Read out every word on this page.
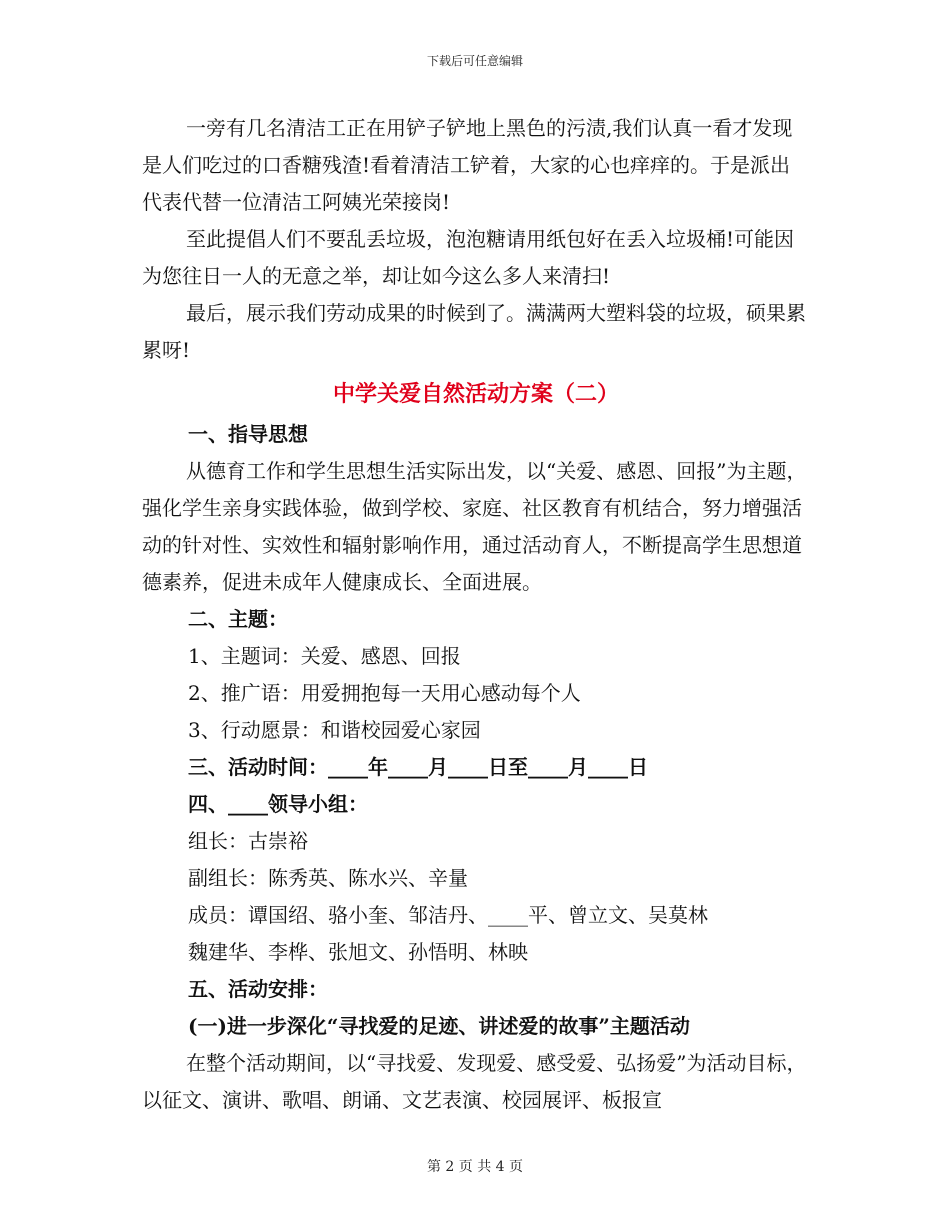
下载后可任意编辑

一旁有几名清洁工正在用铲子铲地上黑色的污渍,我们认真一看才发现是人们吃过的口香糖残渣!看着清洁工铲着，大家的心也痒痒的。于是派出代表代替一位清洁工阿姨光荣接岗!

至此提倡人们不要乱丢垃圾，泡泡糖请用纸包好在丢入垃圾桶!可能因为您往日一人的无意之举，却让如今这么多人来清扫!

最后，展示我们劳动成果的时候到了。满满两大塑料袋的垃圾，硕果累累呀!

中学关爱自然活动方案（二）

一、指导思想

从德育工作和学生思想生活实际出发，以“关爱、感恩、回报”为主题，强化学生亲身实践体验，做到学校、家庭、社区教育有机结合，努力增强活动的针对性、实效性和辐射影响作用，通过活动育人，不断提高学生思想道德素养，促进未成年人健康成长、全面进展。

二、主题：

1、主题词：关爱、感恩、回报

2、推广语：用爱拥抱每一天用心感动每个人

3、行动愿景：和谐校园爱心家园

三、活动时间：____年____月____日至____月____日

四、____领导小组：

组长：古崇裕

副组长：陈秀英、陈水兴、辛量

成员：谭国绍、骆小奎、邹洁丹、____平、曾立文、吴莫林

魏建华、李桦、张旭文、孙悟明、林映

五、活动安排：

(一)进一步深化“寻找爱的足迹、讲述爱的故事”主题活动

在整个活动期间，以“寻找爱、发现爱、感受爱、弘扬爱”为活动目标，以征文、演讲、歌唱、朗诵、文艺表演、校园展评、板报宣

第 2 页 共 4 页
